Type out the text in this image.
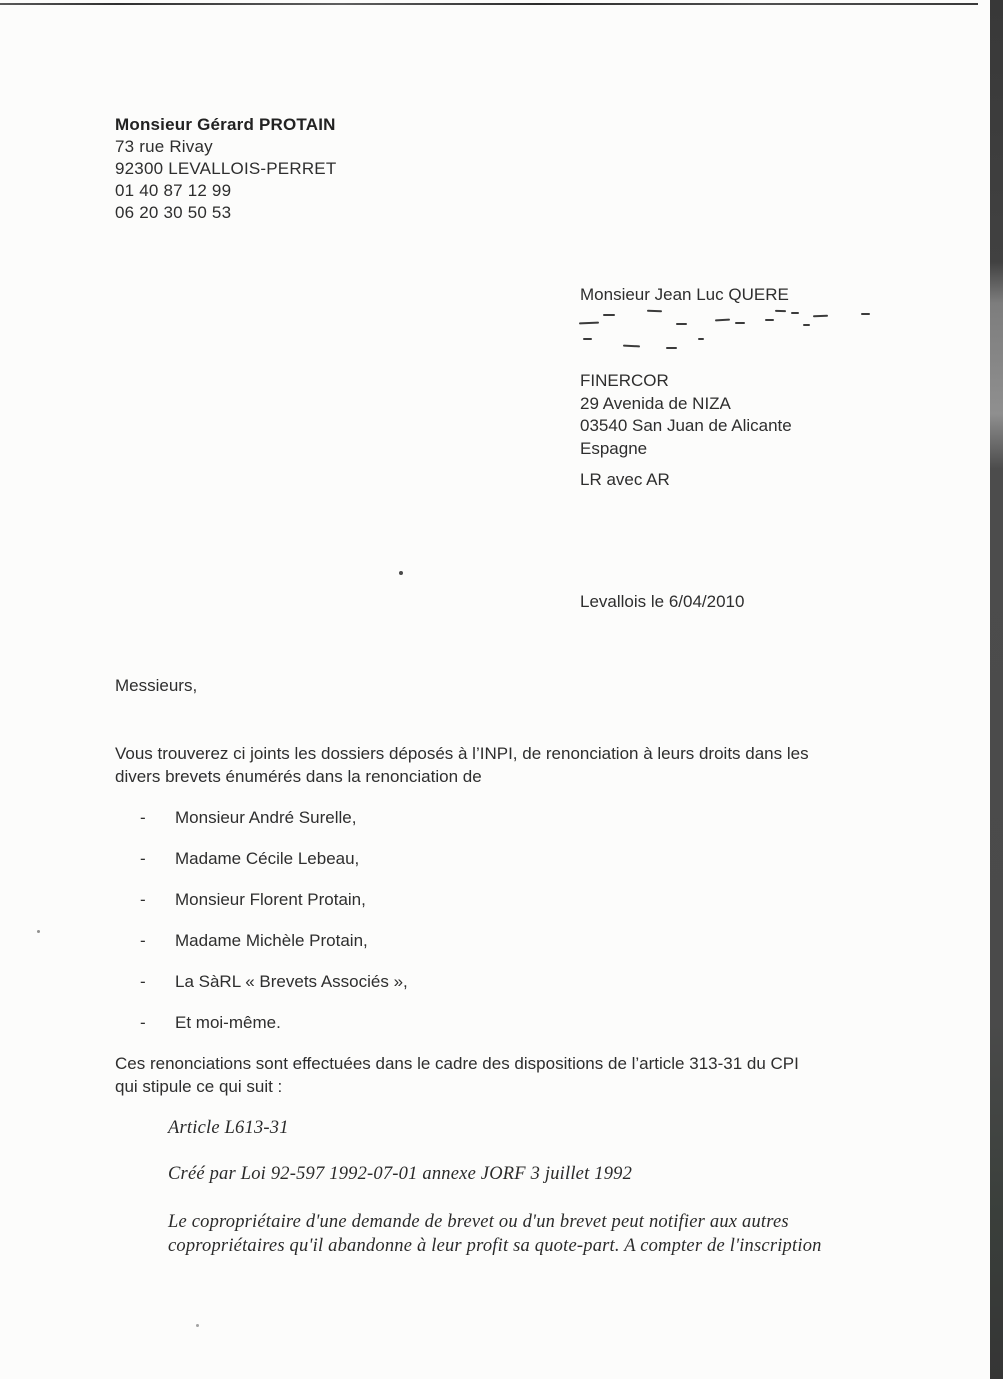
Monsieur Gérard PROTAIN
73 rue Rivay
92300 LEVALLOIS-PERRET
01 40 87 12 99
06 20 30 50 53
Monsieur Jean Luc QUERE
FINERCOR
29 Avenida de NIZA
03540 San Juan de Alicante
Espagne
LR avec AR
Levallois le 6/04/2010
Messieurs,
Vous trouverez ci joints les dossiers déposés à l’INPI, de renonciation à leurs droits dans les
divers brevets énumérés dans la renonciation de
-	Monsieur André Surelle,
-	Madame Cécile Lebeau,
-	Monsieur Florent Protain,
-	Madame Michèle Protain,
-	La SàRL « Brevets Associés »,
-	Et moi-même.
Ces renonciations sont effectuées dans le cadre des dispositions de l’article 313-31 du CPI
qui stipule ce qui suit :
Article L613-31
Créé par Loi 92-597 1992-07-01 annexe JORF 3 juillet 1992
Le copropriétaire d'une demande de brevet ou d'un brevet peut notifier aux autres
copropriétaires qu'il abandonne à leur profit sa quote-part. A compter de l'inscription
